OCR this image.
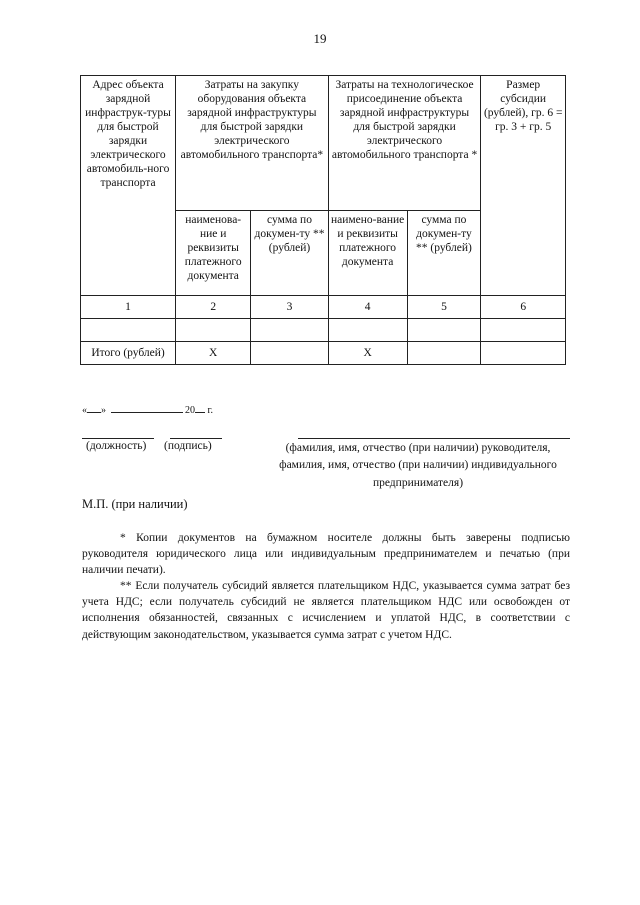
19
Адрес объекта зарядной инфраструк-туры для быстрой зарядки электрического автомобиль-ного транспорта	Затраты на закупку оборудования объекта зарядной инфраструктуры для быстрой зарядки электрического автомобильного транспорта*		Затраты на технологическое присоединение объекта зарядной инфраструктуры для быстрой зарядки электрического автомобильного транспорта *		Размер субсидии (рублей), гр. 6 = гр. 3 + гр. 5
	наименова-ние и реквизиты платежного документа	сумма по докумен-ту ** (рублей)	наимено-вание и реквизиты платежного документа	сумма по докумен-ту ** (рублей)	
1	2	3	4	5	6

Итого (рублей)	X		X		
« »	20 г.
(должность) (подпись)	(фамилия, имя, отчество (при наличии) руководителя, фамилия, имя, отчество (при наличии) индивидуального предпринимателя)
М.П. (при наличии)

* Копии документов на бумажном носителе должны быть заверены подписью руководителя юридического лица или индивидуальным предпринимателем и печатью (при наличии печати).

** Если получатель субсидий является плательщиком НДС, указывается сумма затрат без учета НДС; если получатель субсидий не является плательщиком НДС или освобожден от исполнения обязанностей, связанных с исчислением и уплатой НДС, в соответствии с действующим законодательством, указывается сумма затрат с учетом НДС.
